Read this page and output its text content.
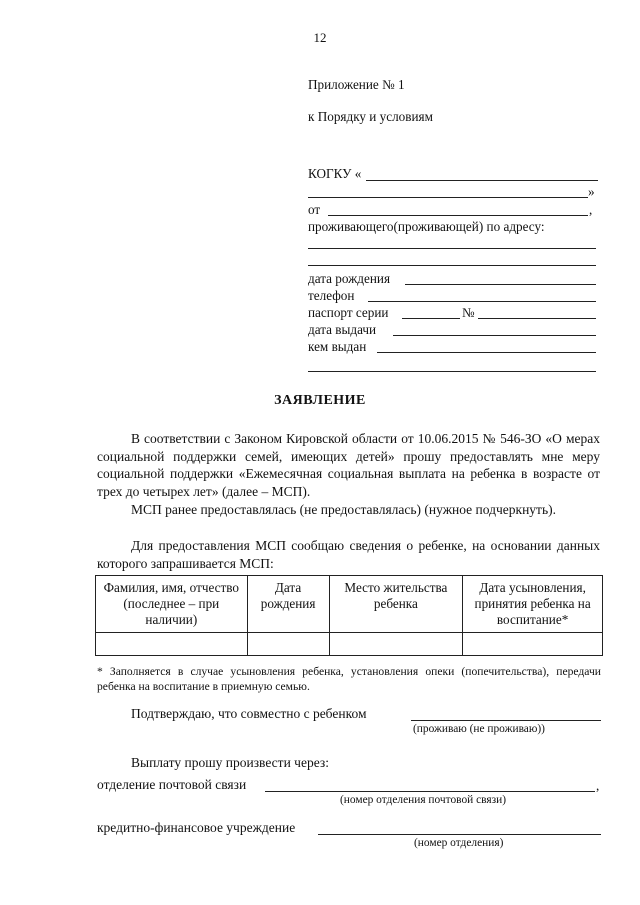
12
Приложение № 1
к Порядку и условиям
КОГКУ «
»
от	,
проживающего(проживающей) по адресу:
дата рождения
телефон
паспорт серии	№
дата выдачи
кем выдан
ЗАЯВЛЕНИЕ
В соответствии с Законом Кировской области от 10.06.2015 № 546-ЗО «О мерах социальной поддержки семей, имеющих детей» прошу предоставлять мне меру социальной поддержки «Ежемесячная социальная выплата на ребенка в возрасте от трех до четырех лет» (далее – МСП).
МСП ранее предоставлялась (не предоставлялась) (нужное подчеркнуть).
Для предоставления МСП сообщаю сведения о ребенке, на основании данных которого запрашивается МСП:
Фамилия, имя, отчество (последнее – при наличии)	Дата рождения	Место жительства ребенка	Дата усыновления, принятия ребенка на воспитание*

* Заполняется в случае усыновления ребенка, установления опеки (попечительства), передачи ребенка на воспитание в приемную семью.
Подтверждаю, что совместно с ребенком
(проживаю (не проживаю))
Выплату прошу произвести через:
отделение почтовой связи	,
(номер отделения почтовой связи)
кредитно-финансовое учреждение
(номер отделения)
